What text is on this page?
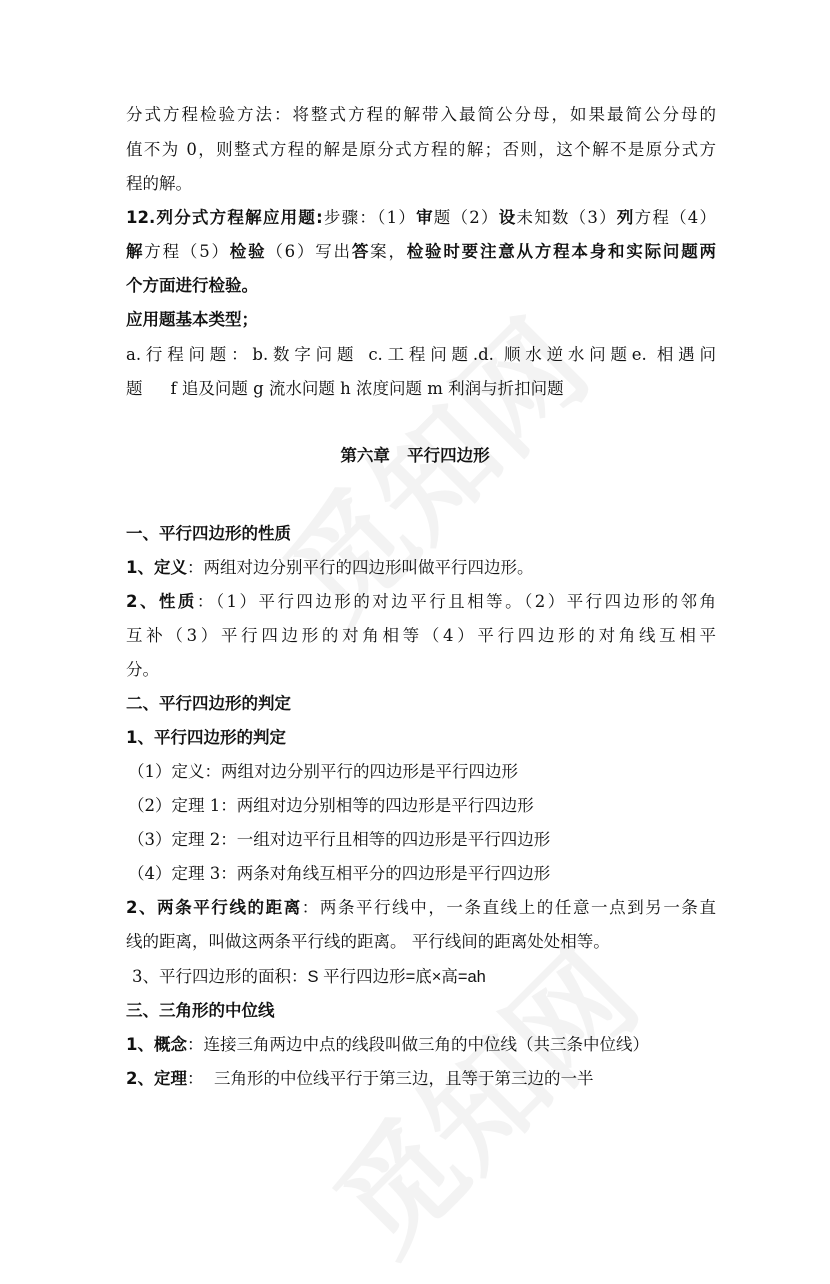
分式方程检验方法：将整式方程的解带入最简公分母，如果最简公分母的
值不为 0，则整式方程的解是原分式方程的解；否则，这个解不是原分式方
程的解。
12.列分式方程解应用题:步骤：（1）审题（2）设未知数（3）列方程（4）
解方程（5）检验（6）写出答案，检验时要注意从方程本身和实际问题两
个方面进行检验。
应用题基本类型；
a.行程问题：b.数字问题 c.工程问题.d. 顺水逆水问题e. 相遇问
题 f 追及问题 g 流水问题 h 浓度问题 m 利润与折扣问题
第六章   平行四边形
一、平行四边形的性质
1、定义：两组对边分别平行的四边形叫做平行四边形。
2、性质：（1）平行四边形的对边平行且相等。（2）平行四边形的邻角
互补（3）平行四边形的对角相等（4）平行四边形的对角线互相平
分。
二、平行四边形的判定
1、平行四边形的判定
（1）定义：两组对边分别平行的四边形是平行四边形
（2）定理 1：两组对边分别相等的四边形是平行四边形
（3）定理 2：一组对边平行且相等的四边形是平行四边形
（4）定理 3：两条对角线互相平分的四边形是平行四边形
2、两条平行线的距离：两条平行线中，一条直线上的任意一点到另一条直
线的距离，叫做这两条平行线的距离。 平行线间的距离处处相等。
3、平行四边形的面积：S 平行四边形=底×高=ah
三、三角形的中位线
1、概念：连接三角两边中点的线段叫做三角的中位线（共三条中位线）
2、定理：  三角形的中位线平行于第三边，且等于第三边的一半
